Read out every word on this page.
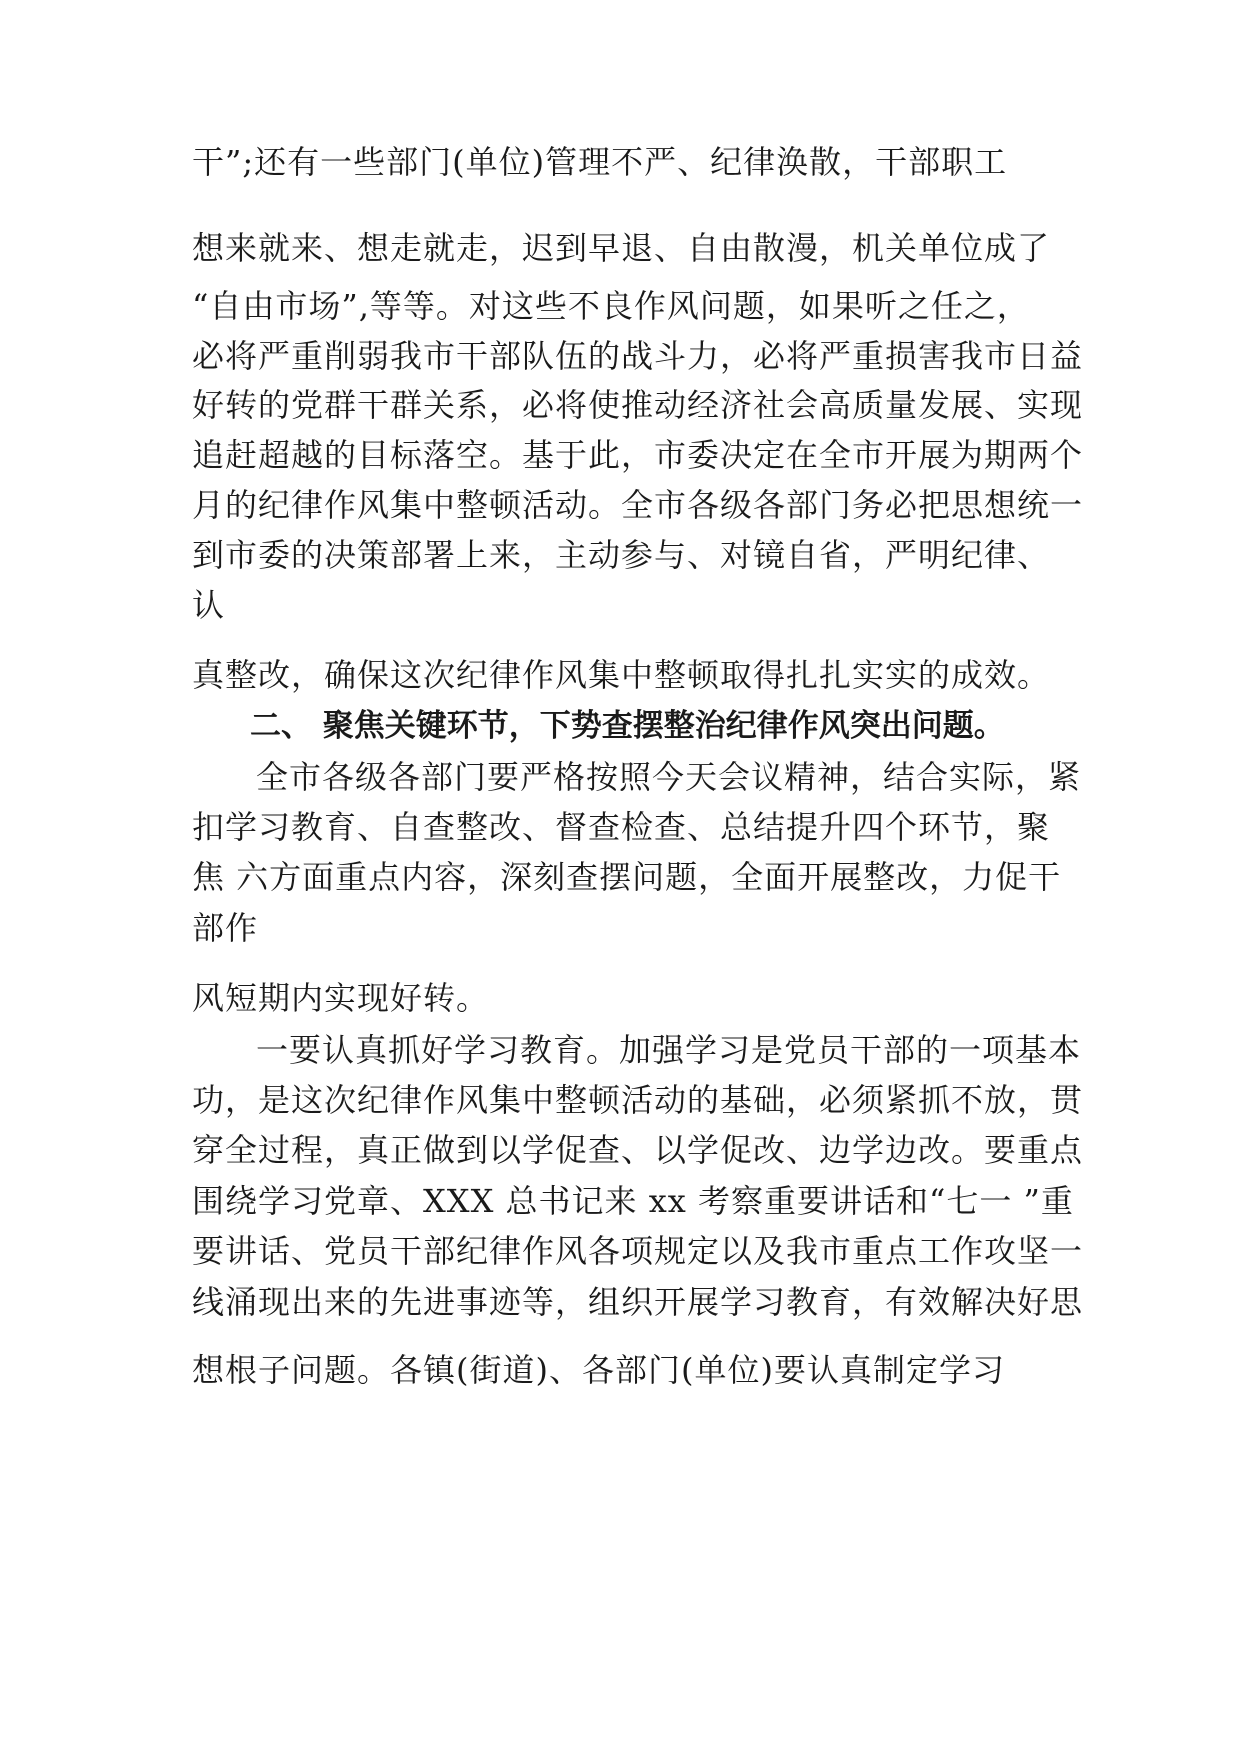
干”;还有一些部门(单位)管理不严、纪律涣散，干部职工
想来就来、想走就走，迟到早退、自由散漫，机关单位成了
“自由市场”,等等。对这些不良作风问题，如果听之任之，
必将严重削弱我市干部队伍的战斗力，必将严重损害我市日益
好转的党群干群关系，必将使推动经济社会高质量发展、实现
追赶超越的目标落空。基于此，市委决定在全市开展为期两个
月的纪律作风集中整顿活动。全市各级各部门务必把思想统一
到市委的决策部署上来，主动参与、对镜自省，严明纪律、
认
真整改，确保这次纪律作风集中整顿取得扎扎实实的成效。
二、 聚焦关键环节，下势查摆整治纪律作风突出问题。
全市各级各部门要严格按照今天会议精神，结合实际，紧
扣学习教育、自查整改、督查检查、总结提升四个环节，聚
焦 六方面重点内容，深刻查摆问题，全面开展整改，力促干
部作
风短期内实现好转。
一要认真抓好学习教育。加强学习是党员干部的一项基本
功，是这次纪律作风集中整顿活动的基础，必须紧抓不放，贯
穿全过程，真正做到以学促查、以学促改、边学边改。要重点
围绕学习党章、XXX 总书记来 xx 考察重要讲话和“七一 ”重
要讲话、党员干部纪律作风各项规定以及我市重点工作攻坚一
线涌现出来的先进事迹等，组织开展学习教育，有效解决好思
想根子问题。各镇(街道)、各部门(单位)要认真制定学习
